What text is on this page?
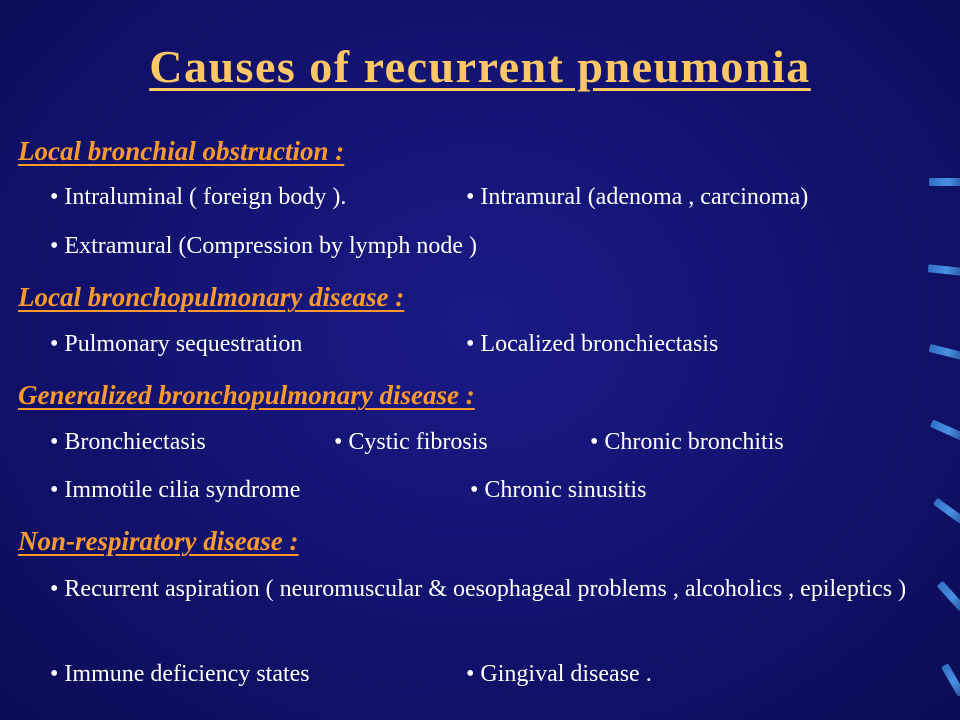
Causes of recurrent pneumonia
Local bronchial obstruction :
• Intraluminal ( foreign body ).	• Intramural (adenoma , carcinoma)
• Extramural (Compression by lymph node )
Local bronchopulmonary disease :
• Pulmonary sequestration	• Localized bronchiectasis
Generalized bronchopulmonary disease :
• Bronchiectasis	• Cystic fibrosis	• Chronic bronchitis
• Immotile cilia syndrome	• Chronic sinusitis
Non-respiratory disease :
• Recurrent aspiration ( neuromuscular & oesophageal problems , alcoholics , epileptics )
• Immune deficiency states	• Gingival disease .
